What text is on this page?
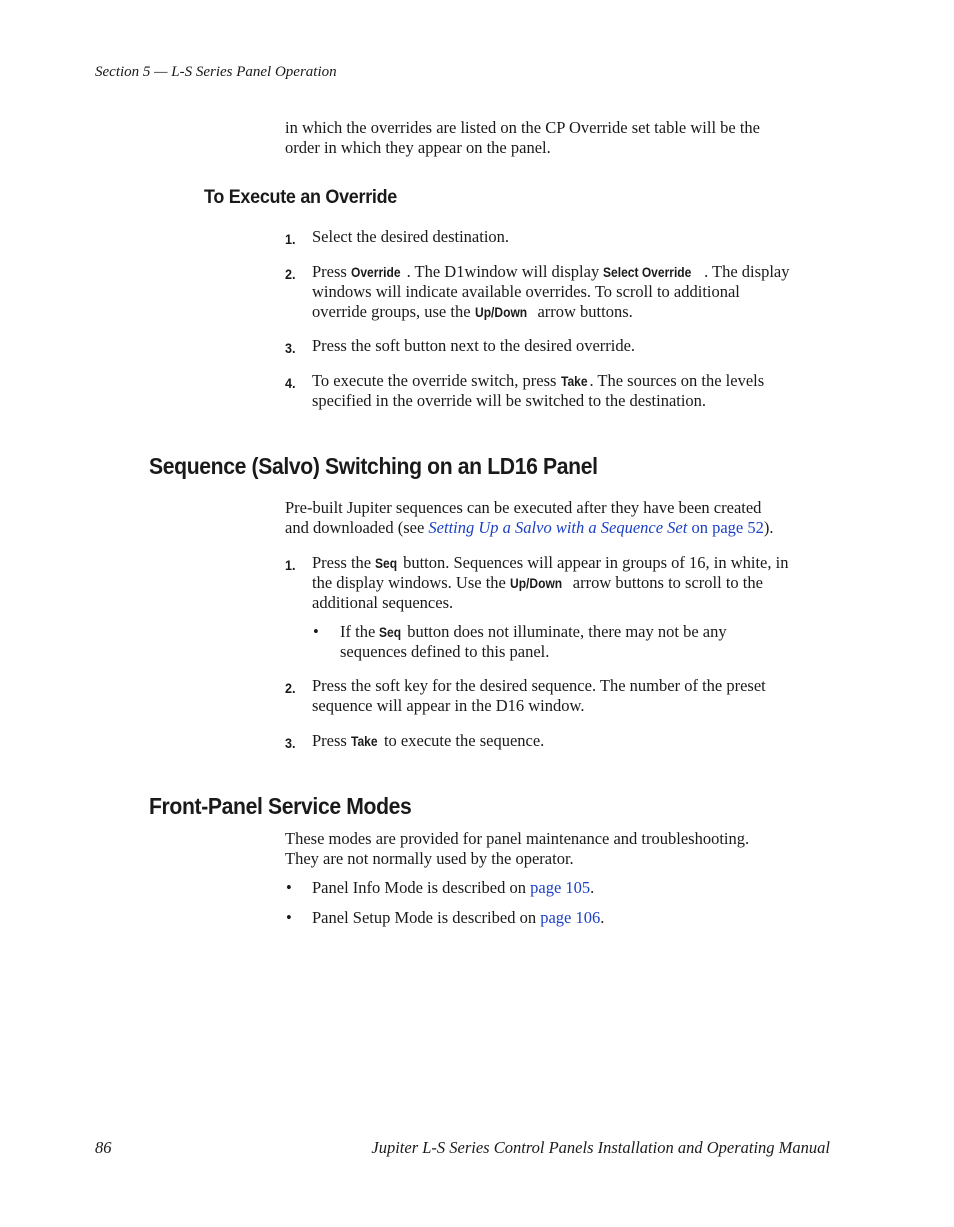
Section 5 — L-S Series Panel Operation
in which the overrides are listed on the CP Override set table will be the
order in which they appear on the panel.
To Execute an Override
1. Select the desired destination.
2. Press Override . The D1window will display Select Override . The display
windows will indicate available overrides. To scroll to additional
override groups, use the Up/Down arrow buttons.
3. Press the soft button next to the desired override.
4. To execute the override switch, press Take . The sources on the levels
specified in the override will be switched to the destination.
Sequence (Salvo) Switching on an LD16 Panel
Pre-built Jupiter sequences can be executed after they have been created
and downloaded (see Setting Up a Salvo with a Sequence Set on page 52).
1. Press the Seq button. Sequences will appear in groups of 16, in white, in
the display windows. Use the Up/Down arrow buttons to scroll to the
additional sequences.
• If the Seq button does not illuminate, there may not be any
sequences defined to this panel.
2. Press the soft key for the desired sequence. The number of the preset
sequence will appear in the D16 window.
3. Press Take to execute the sequence.
Front-Panel Service Modes
These modes are provided for panel maintenance and troubleshooting.
They are not normally used by the operator.
• Panel Info Mode is described on page 105.
• Panel Setup Mode is described on page 106.
86	Jupiter L-S Series Control Panels Installation and Operating Manual
